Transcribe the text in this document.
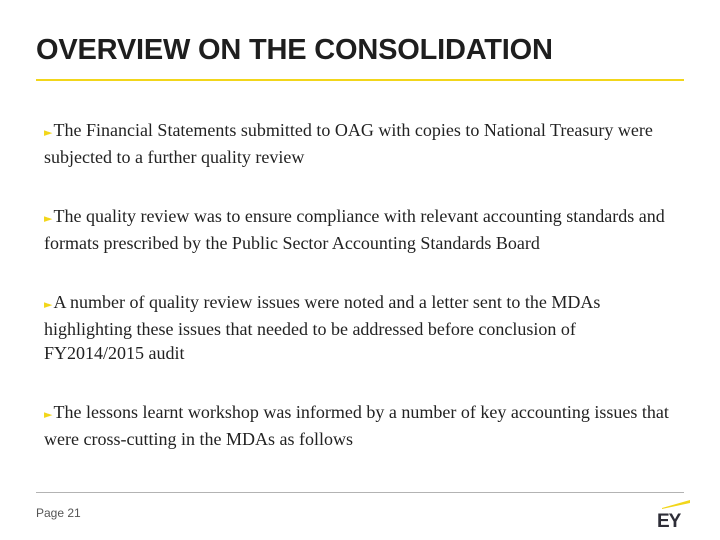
OVERVIEW ON THE CONSOLIDATION

►The Financial Statements submitted to OAG with copies to National Treasury were subjected to a further quality review

►The quality review was to ensure compliance with relevant accounting standards and formats prescribed by the Public Sector Accounting Standards Board

►A number of quality review issues were noted and a letter sent to the MDAs highlighting these issues that needed to be addressed before conclusion of FY2014/2015 audit

►The lessons learnt workshop was informed by a number of key accounting issues that were cross-cutting in the MDAs as follows

Page 21	EY
